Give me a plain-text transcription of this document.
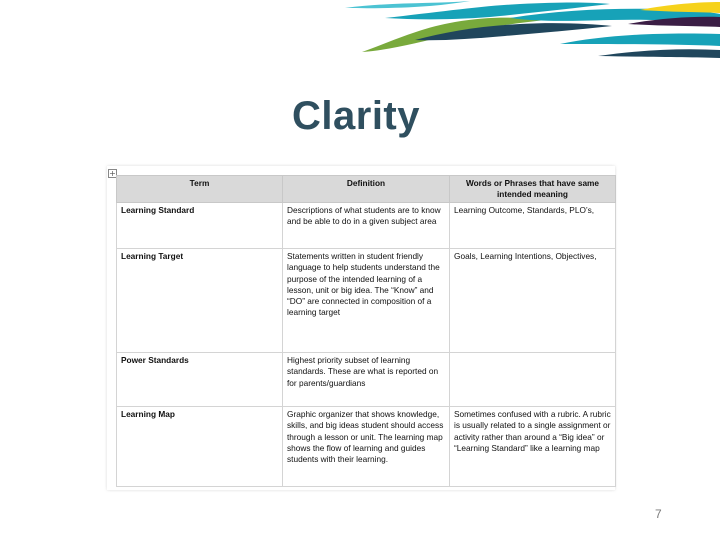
Clarity
+
Term	Definition	Words or Phrases that have same intended meaning
Learning Standard	Descriptions of what students are to know and be able to do in a given subject area	Learning Outcome, Standards, PLO’s,
Learning Target	Statements written in student friendly language to help students understand the purpose of the intended learning of a lesson, unit or big idea. The “Know” and “DO” are connected in composition of a learning target	Goals, Learning Intentions, Objectives,
Power Standards	Highest priority subset of learning standards. These are what is reported on for parents/guardians	
Learning Map	Graphic organizer that shows knowledge, skills, and big ideas student should access through a lesson or unit. The learning map shows the flow of learning and guides students with their learning.	Sometimes confused with a rubric. A rubric is usually related to a single assignment or activity rather than around a “Big idea” or “Learning Standard” like a learning map
7
